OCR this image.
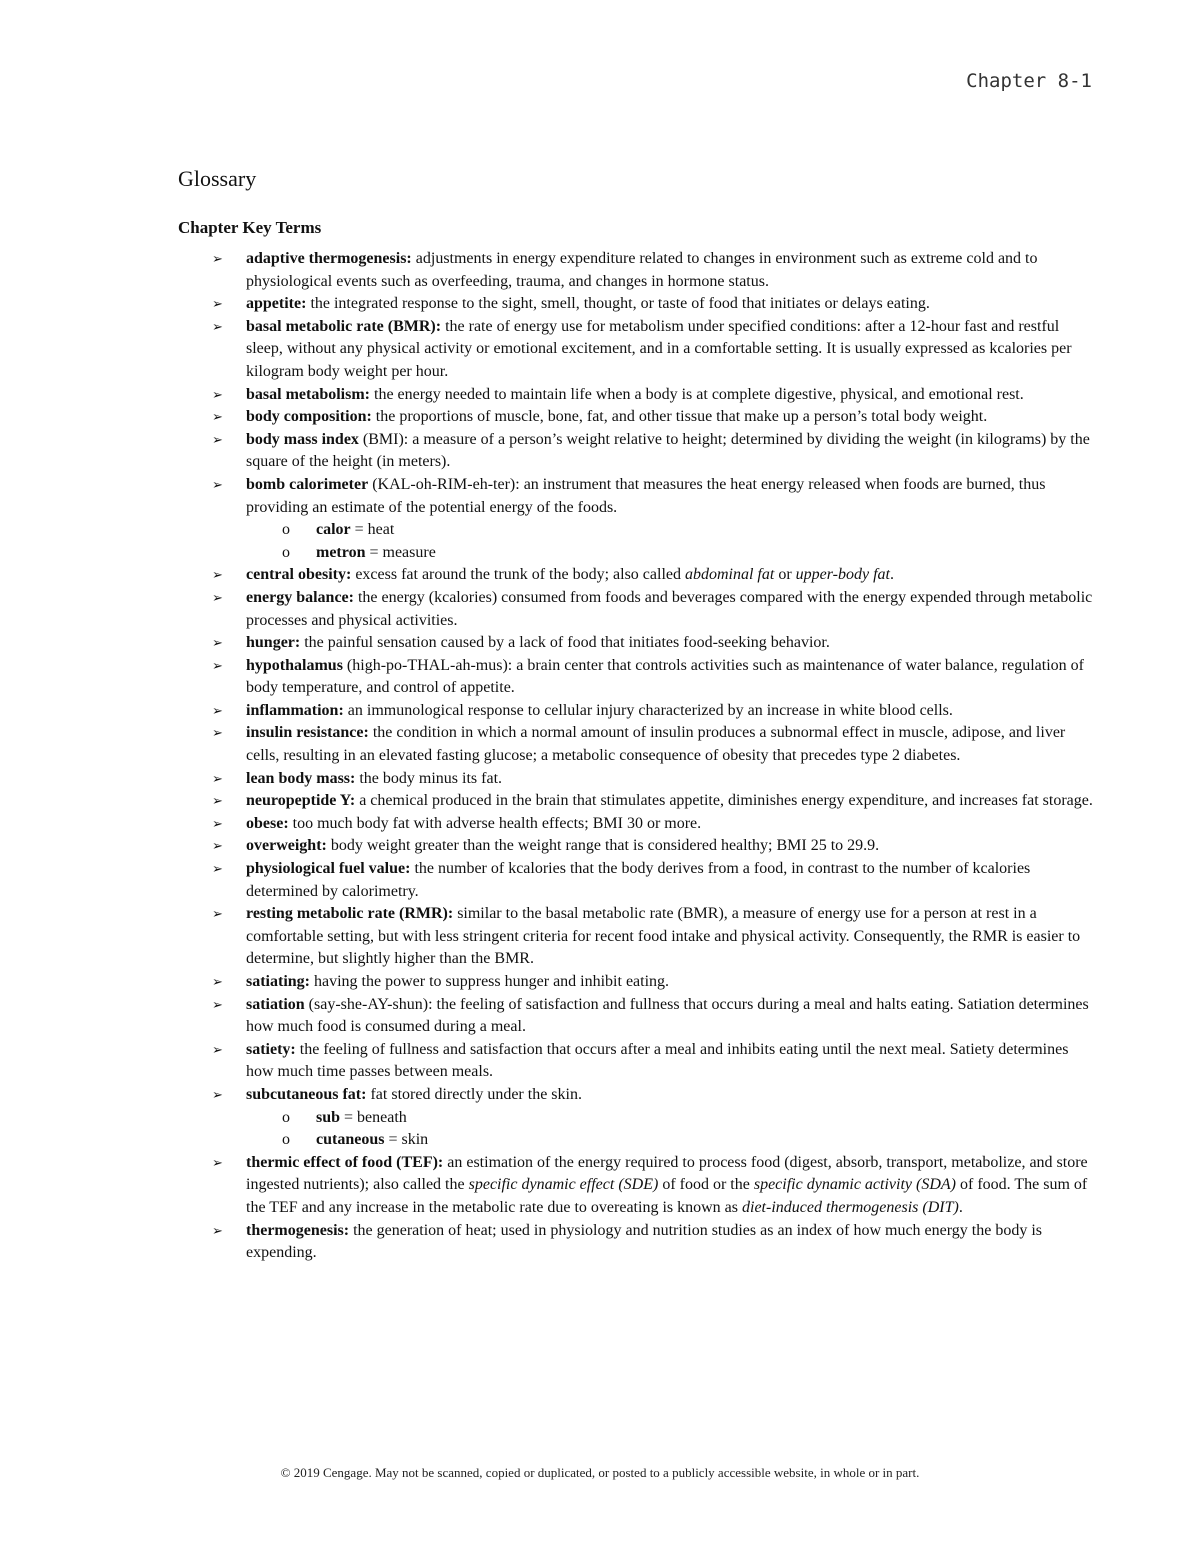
Chapter 8-1
Glossary
Chapter Key Terms
➢ adaptive thermogenesis: adjustments in energy expenditure related to changes in environment such as extreme cold and to physiological events such as overfeeding, trauma, and changes in hormone status.
➢ appetite: the integrated response to the sight, smell, thought, or taste of food that initiates or delays eating.
➢ basal metabolic rate (BMR): the rate of energy use for metabolism under specified conditions: after a 12-hour fast and restful sleep, without any physical activity or emotional excitement, and in a comfortable setting. It is usually expressed as kcalories per kilogram body weight per hour.
➢ basal metabolism: the energy needed to maintain life when a body is at complete digestive, physical, and emotional rest.
➢ body composition: the proportions of muscle, bone, fat, and other tissue that make up a person’s total body weight.
➢ body mass index (BMI): a measure of a person’s weight relative to height; determined by dividing the weight (in kilograms) by the square of the height (in meters).
➢ bomb calorimeter (KAL-oh-RIM-eh-ter): an instrument that measures the heat energy released when foods are burned, thus providing an estimate of the potential energy of the foods.
o calor = heat
o metron = measure
➢ central obesity: excess fat around the trunk of the body; also called abdominal fat or upper-body fat.
➢ energy balance: the energy (kcalories) consumed from foods and beverages compared with the energy expended through metabolic processes and physical activities.
➢ hunger: the painful sensation caused by a lack of food that initiates food-seeking behavior.
➢ hypothalamus (high-po-THAL-ah-mus): a brain center that controls activities such as maintenance of water balance, regulation of body temperature, and control of appetite.
➢ inflammation: an immunological response to cellular injury characterized by an increase in white blood cells.
➢ insulin resistance: the condition in which a normal amount of insulin produces a subnormal effect in muscle, adipose, and liver cells, resulting in an elevated fasting glucose; a metabolic consequence of obesity that precedes type 2 diabetes.
➢ lean body mass: the body minus its fat.
➢ neuropeptide Y: a chemical produced in the brain that stimulates appetite, diminishes energy expenditure, and increases fat storage.
➢ obese: too much body fat with adverse health effects; BMI 30 or more.
➢ overweight: body weight greater than the weight range that is considered healthy; BMI 25 to 29.9.
➢ physiological fuel value: the number of kcalories that the body derives from a food, in contrast to the number of kcalories determined by calorimetry.
➢ resting metabolic rate (RMR): similar to the basal metabolic rate (BMR), a measure of energy use for a person at rest in a comfortable setting, but with less stringent criteria for recent food intake and physical activity. Consequently, the RMR is easier to determine, but slightly higher than the BMR.
➢ satiating: having the power to suppress hunger and inhibit eating.
➢ satiation (say-she-AY-shun): the feeling of satisfaction and fullness that occurs during a meal and halts eating. Satiation determines how much food is consumed during a meal.
➢ satiety: the feeling of fullness and satisfaction that occurs after a meal and inhibits eating until the next meal. Satiety determines how much time passes between meals.
➢ subcutaneous fat: fat stored directly under the skin.
o sub = beneath
o cutaneous = skin
➢ thermic effect of food (TEF): an estimation of the energy required to process food (digest, absorb, transport, metabolize, and store ingested nutrients); also called the specific dynamic effect (SDE) of food or the specific dynamic activity (SDA) of food. The sum of the TEF and any increase in the metabolic rate due to overeating is known as diet-induced thermogenesis (DIT).
➢ thermogenesis: the generation of heat; used in physiology and nutrition studies as an index of how much energy the body is expending.
© 2019 Cengage. May not be scanned, copied or duplicated, or posted to a publicly accessible website, in whole or in part.
